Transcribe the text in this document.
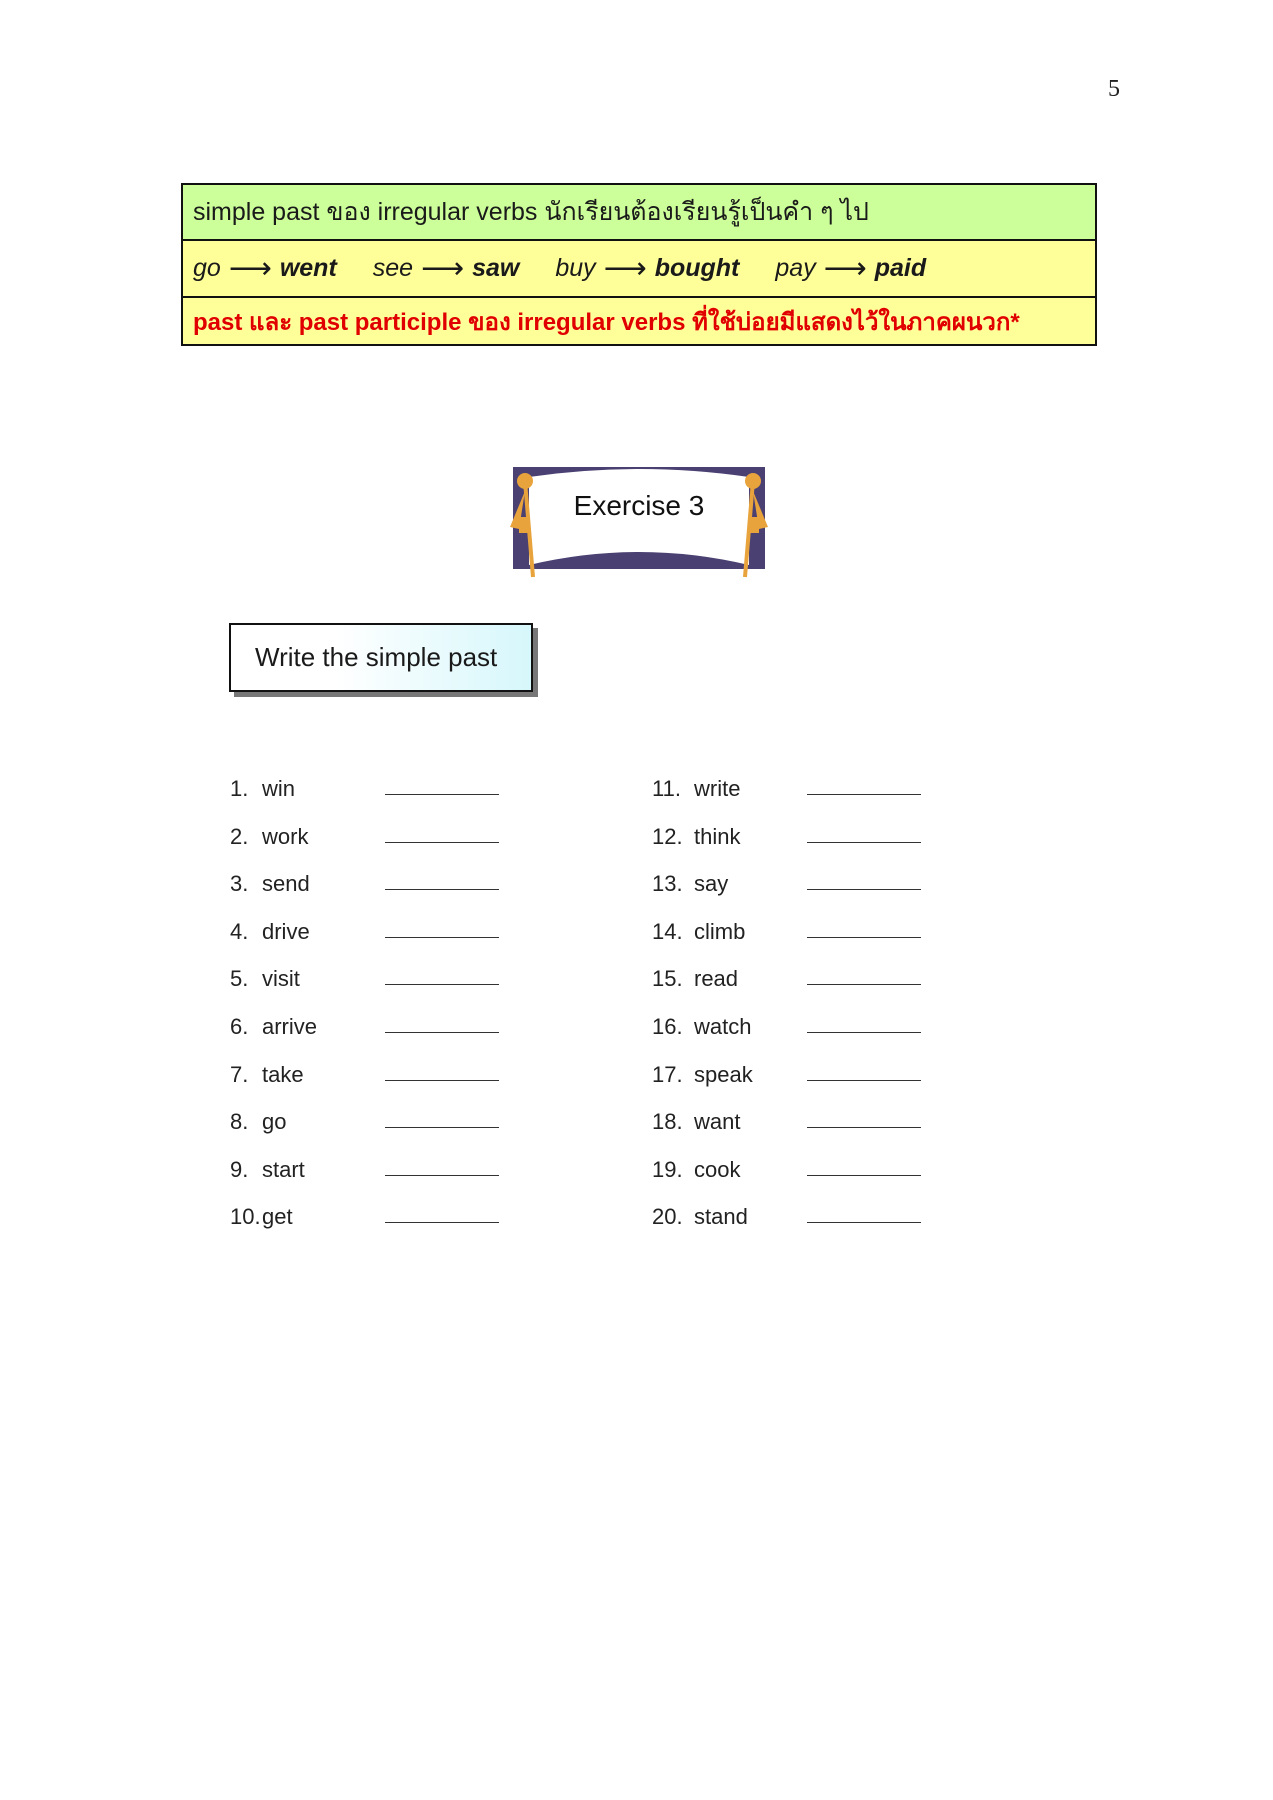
5
simple past ของ irregular verbs นักเรียนต้องเรียนรู้เป็นคำ ๆ ไป
go ⟶ went see ⟶ saw buy ⟶ bought pay ⟶ paid
past และ past participle ของ irregular verbs ที่ใช้บ่อยมีแสดงไว้ในภาคผนวก*
Exercise 3
Write the simple past
1. win
2. work
3. send
4. drive
5. visit
6. arrive
7. take
8. go
9. start
10. get
11. write
12. think
13. say
14. climb
15. read
16. watch
17. speak
18. want
19. cook
20. stand
